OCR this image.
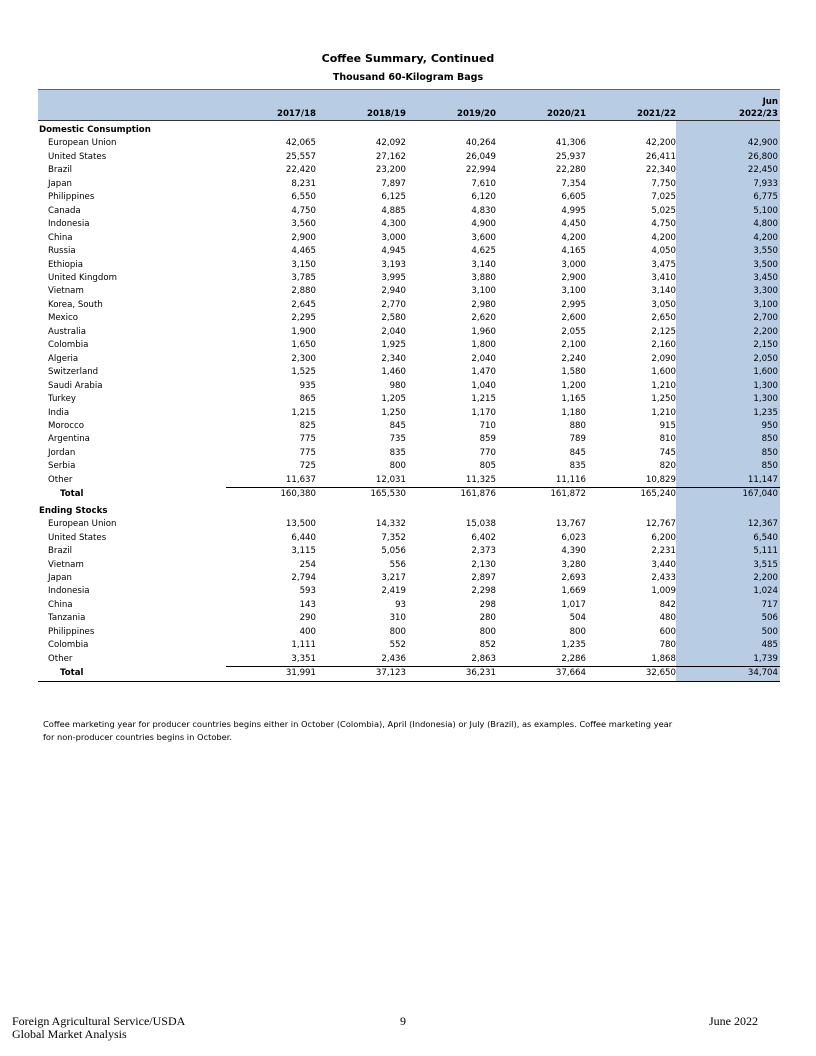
Coffee Summary, Continued
Thousand 60-Kilogram Bags
	2017/18	2018/19	2019/20	2020/21	2021/22	Jun
2022/23

Domestic Consumption						
European Union	42,065	42,092	40,264	41,306	42,200	42,900
United States	25,557	27,162	26,049	25,937	26,411	26,800
Brazil	22,420	23,200	22,994	22,280	22,340	22,450
Japan	8,231	7,897	7,610	7,354	7,750	7,933
Philippines	6,550	6,125	6,120	6,605	7,025	6,775
Canada	4,750	4,885	4,830	4,995	5,025	5,100
Indonesia	3,560	4,300	4,900	4,450	4,750	4,800
China	2,900	3,000	3,600	4,200	4,200	4,200
Russia	4,465	4,945	4,625	4,165	4,050	3,550
Ethiopia	3,150	3,193	3,140	3,000	3,475	3,500
United Kingdom	3,785	3,995	3,880	2,900	3,410	3,450
Vietnam	2,880	2,940	3,100	3,100	3,140	3,300
Korea, South	2,645	2,770	2,980	2,995	3,050	3,100
Mexico	2,295	2,580	2,620	2,600	2,650	2,700
Australia	1,900	2,040	1,960	2,055	2,125	2,200
Colombia	1,650	1,925	1,800	2,100	2,160	2,150
Algeria	2,300	2,340	2,040	2,240	2,090	2,050
Switzerland	1,525	1,460	1,470	1,580	1,600	1,600
Saudi Arabia	935	980	1,040	1,200	1,210	1,300
Turkey	865	1,205	1,215	1,165	1,250	1,300
India	1,215	1,250	1,170	1,180	1,210	1,235
Morocco	825	845	710	880	915	950
Argentina	775	735	859	789	810	850
Jordan	775	835	770	845	745	850
Serbia	725	800	805	835	820	850
Other	11,637	12,031	11,325	11,116	10,829	11,147
Total	160,380	165,530	161,876	161,872	165,240	167,040
Ending Stocks						
European Union	13,500	14,332	15,038	13,767	12,767	12,367
United States	6,440	7,352	6,402	6,023	6,200	6,540
Brazil	3,115	5,056	2,373	4,390	2,231	5,111
Vietnam	254	556	2,130	3,280	3,440	3,515
Japan	2,794	3,217	2,897	2,693	2,433	2,200
Indonesia	593	2,419	2,298	1,669	1,009	1,024
China	143	93	298	1,017	842	717
Tanzania	290	310	280	504	480	506
Philippines	400	800	800	800	600	500
Colombia	1,111	552	852	1,235	780	485
Other	3,351	2,436	2,863	2,286	1,868	1,739
Total	31,991	37,123	36,231	37,664	32,650	34,704
Coffee marketing year for producer countries begins either in October (Colombia), April (Indonesia) or July (Brazil), as examples. Coffee marketing year for non-producer countries begins in October.
Foreign Agricultural Service/USDA
Global Market Analysis
9	June 2022
